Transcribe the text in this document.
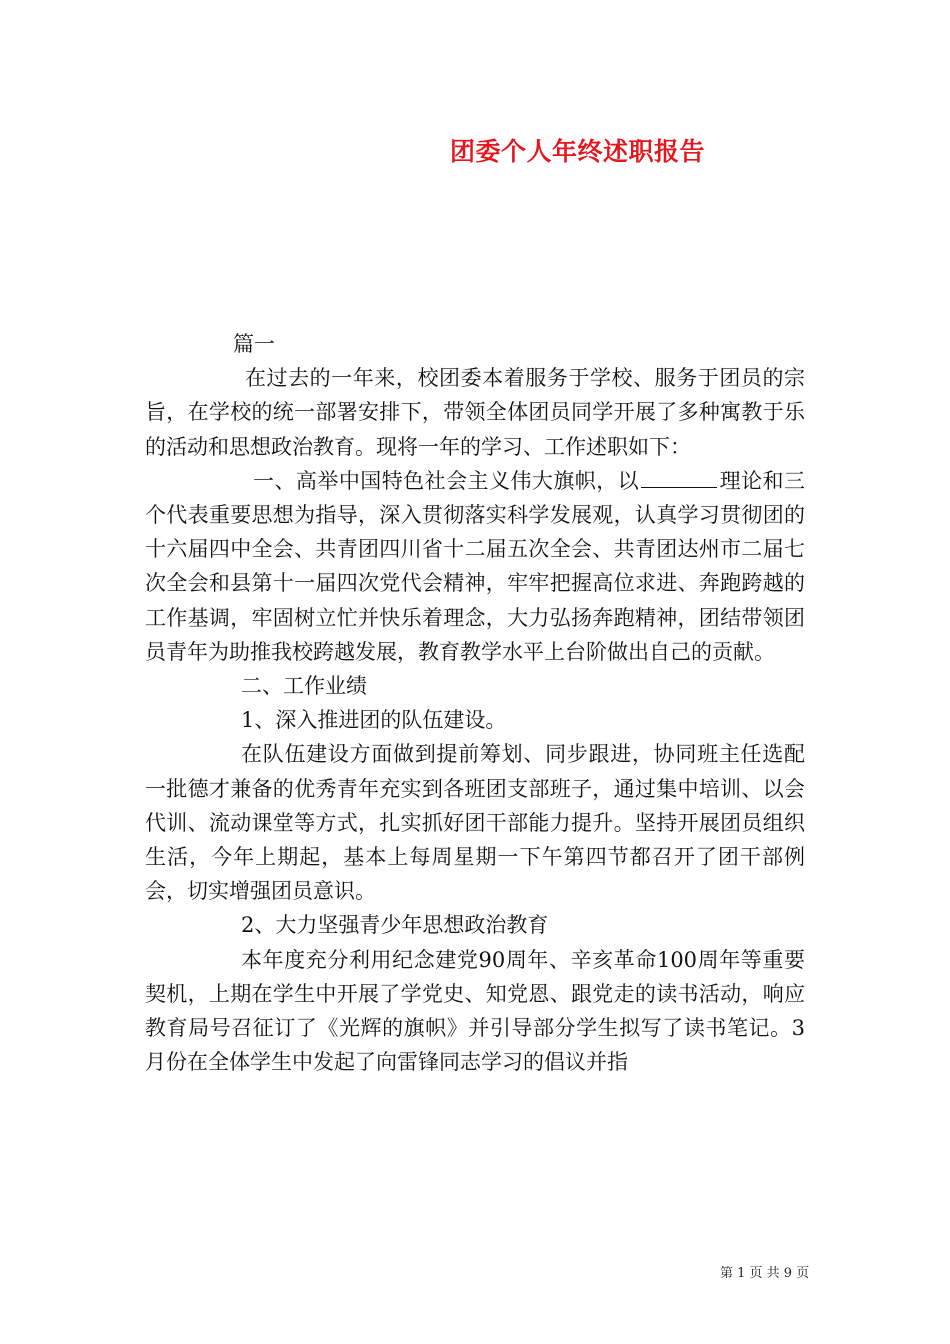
团委个人年终述职报告

篇一

在过去的一年来，校团委本着服务于学校、服务于团员的宗旨，在学校的统一部署安排下，带领全体团员同学开展了多种寓教于乐的活动和思想政治教育。现将一年的学习、工作述职如下：

一、高举中国特色社会主义伟大旗帜，以	理论和三个代表重要思想为指导，深入贯彻落实科学发展观，认真学习贯彻团的十六届四中全会、共青团四川省十二届五次全会、共青团达州市二届七次全会和县第十一届四次党代会精神，牢牢把握高位求进、奔跑跨越的工作基调，牢固树立忙并快乐着理念，大力弘扬奔跑精神，团结带领团员青年为助推我校跨越发展，教育教学水平上台阶做出自己的贡献。

二、工作业绩

1、深入推进团的队伍建设。

在队伍建设方面做到提前筹划、同步跟进，协同班主任选配一批德才兼备的优秀青年充实到各班团支部班子，通过集中培训、以会代训、流动课堂等方式，扎实抓好团干部能力提升。坚持开展团员组织生活，今年上期起，基本上每周星期一下午第四节都召开了团干部例会，切实增强团员意识。

2、大力坚强青少年思想政治教育

本年度充分利用纪念建党90周年、辛亥革命100周年等重要契机，上期在学生中开展了学党史、知党恩、跟党走的读书活动，响应教育局号召征订了《光辉的旗帜》并引导部分学生拟写了读书笔记。3月份在全体学生中发起了向雷锋同志学习的倡议并指

第 1 页 共 9 页
